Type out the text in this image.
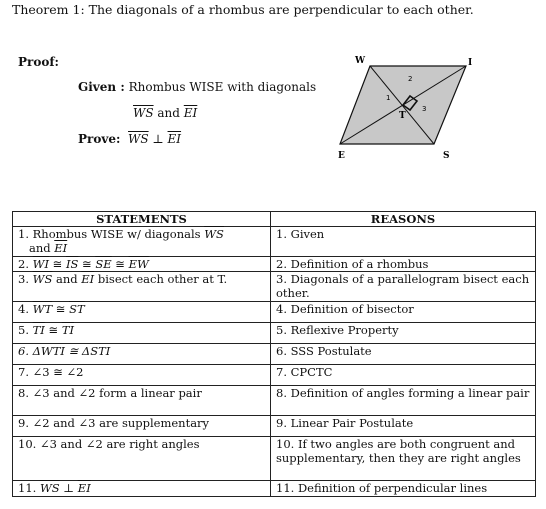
Theorem 1: The diagonals of a rhombus are perpendicular to each other.
Proof:
Given : Rhombus WISE with diagonals
$\overline{WS}$ and $\overline{EI}$
Prove: $\overline{WS}$ ⊥ $\overline{EI}$
W	I
E	S
T
1
2
3
STATEMENTS	REASONS
1. Rhombus WISE w/ diagonals $\overline{WS}$
and $\overline{EI}$	1. Given
2. $\overline{WI}$ ≅ $\overline{IS}$ ≅ $\overline{SE}$ ≅ $\overline{EW}$	2. Definition of a rhombus
3. $\overline{WS}$ and $\overline{EI}$ bisect each other at T.	3. Diagonals of a parallelogram bisect each other.
4. $\overline{WT}$ ≅ $\overline{ST}$	4. Definition of bisector
5. $\overline{TI}$ ≅ $\overline{TI}$	5. Reflexive Property
6. ΔWTI ≅ ΔSTI	6. SSS Postulate
7. ∠3 ≅ ∠2	7. CPCTC
8. ∠3 and ∠2 form a linear pair	8. Definition of angles forming a linear pair
9. ∠2 and ∠3 are supplementary	9. Linear Pair Postulate
10. ∠3 and ∠2 are right angles	10. If two angles are both congruent and supplementary, then they are right angles
11. $\overline{WS}$ ⊥ $\overline{EI}$	11. Definition of perpendicular lines
